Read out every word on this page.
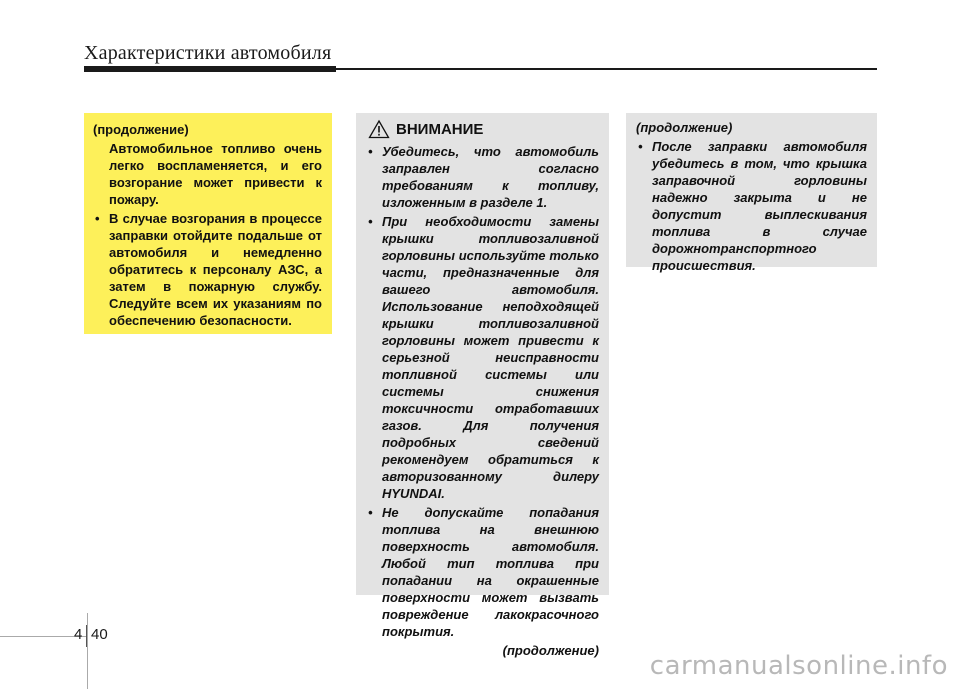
Характеристики автомобиля
(продолжение)

Автомобильное топливо очень легко воспламеняется, и его возгорание может привести к пожару.

• В случае возгорания в процессе заправки отойдите подальше от автомобиля и немедленно обратитесь к персоналу АЗС, а затем в пожарную службу. Следуйте всем их указаниям по обеспечению безопасности.
ВНИМАНИЕ
• Убедитесь, что автомобиль заправлен согласно требованиям к топливу, изложенным в разделе 1.
• При необходимости замены крышки топливозаливной горловины используйте только части, предназначенные для вашего автомобиля. Использование неподходящей крышки топливозаливной горловины может привести к серьезной неисправности топливной системы или системы снижения токсичности отработавших газов. Для получения подробных сведений рекомендуем обратиться к авторизованному дилеру HYUNDAI.
• Не допускайте попадания топлива на внешнюю поверхность автомобиля. Любой тип топлива при попадании на окрашенные поверхности может вызвать повреждение лакокрасочного покрытия.
(продолжение)
(продолжение)
• После заправки автомобиля убедитесь в том, что крышка заправочной горловины надежно закрыта и не допустит выплескивания топлива в случае дорожнотранспортного происшествия.
4 40
carmanualsonline.info
